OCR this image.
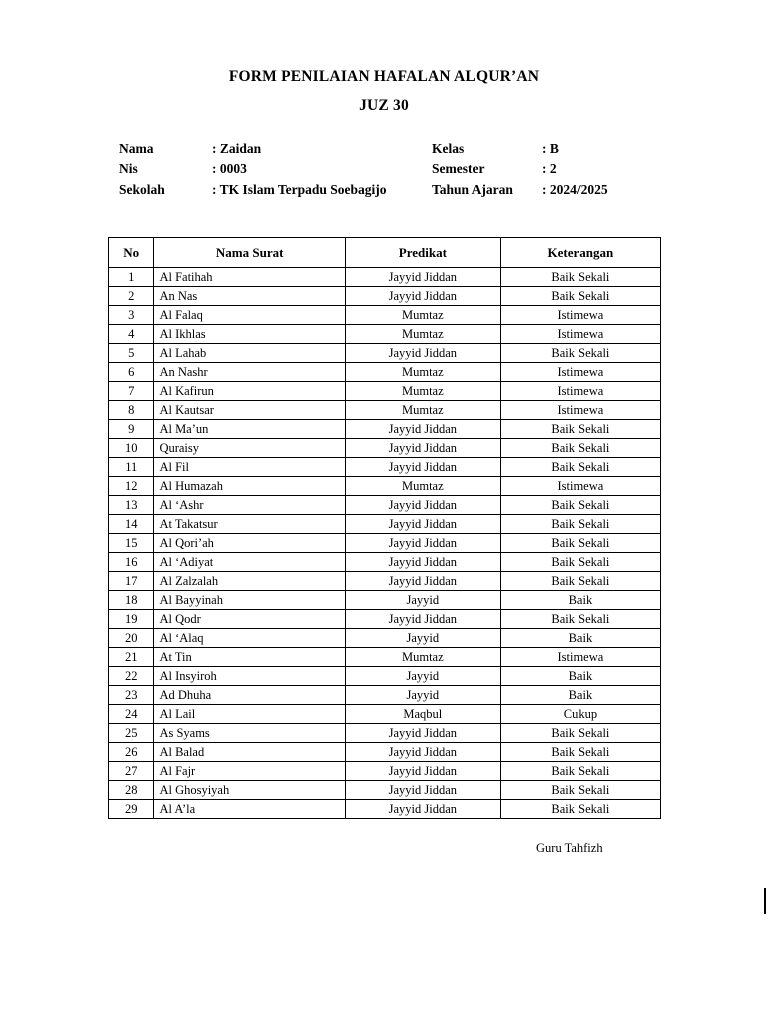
FORM PENILAIAN HAFALAN ALQUR’AN
JUZ 30
Nama	: Zaidan
Nis	: 0003
Sekolah	: TK Islam Terpadu Soebagijo
Kelas	: B
Semester	: 2
Tahun Ajaran : 2024/2025
No	Nama Surat	Predikat	Keterangan
1	Al Fatihah	Jayyid Jiddan	Baik Sekali
2	An Nas	Jayyid Jiddan	Baik Sekali
3	Al Falaq	Mumtaz	Istimewa
4	Al Ikhlas	Mumtaz	Istimewa
5	Al Lahab	Jayyid Jiddan	Baik Sekali
6	An Nashr	Mumtaz	Istimewa
7	Al Kafirun	Mumtaz	Istimewa
8	Al Kautsar	Mumtaz	Istimewa
9	Al Ma’un	Jayyid Jiddan	Baik Sekali
10	Quraisy	Jayyid Jiddan	Baik Sekali
11	Al Fil	Jayyid Jiddan	Baik Sekali
12	Al Humazah	Mumtaz	Istimewa
13	Al ‘Ashr	Jayyid Jiddan	Baik Sekali
14	At Takatsur	Jayyid Jiddan	Baik Sekali
15	Al Qori’ah	Jayyid Jiddan	Baik Sekali
16	Al ‘Adiyat	Jayyid Jiddan	Baik Sekali
17	Al Zalzalah	Jayyid Jiddan	Baik Sekali
18	Al Bayyinah	Jayyid	Baik
19	Al Qodr	Jayyid Jiddan	Baik Sekali
20	Al ‘Alaq	Jayyid	Baik
21	At Tin	Mumtaz	Istimewa
22	Al Insyiroh	Jayyid	Baik
23	Ad Dhuha	Jayyid	Baik
24	Al Lail	Maqbul	Cukup
25	As Syams	Jayyid Jiddan	Baik Sekali
26	Al Balad	Jayyid Jiddan	Baik Sekali
27	Al Fajr	Jayyid Jiddan	Baik Sekali
28	Al Ghosyiyah	Jayyid Jiddan	Baik Sekali
29	Al A’la	Jayyid Jiddan	Baik Sekali
Guru Tahfizh
